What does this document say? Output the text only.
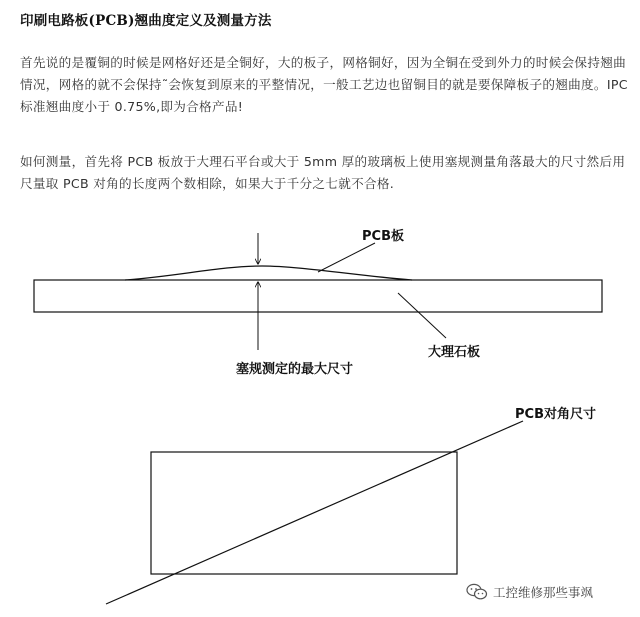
印刷电路板(PCB)翘曲度定义及测量方法
首先说的是覆铜的时候是网格好还是全铜好，大的板子，网格铜好，因为全铜在受到外力的时候会保持翘曲情况，网格的就不会保持˜会恢复到原来的平整情况，一般工艺边也留铜目的就是要保障板子的翘曲度。IPC 标准翘曲度小于 0.75%,即为合格产品!
如何测量，首先将 PCB 板放于大理石平台或大于 5mm 厚的玻璃板上使用塞规测量角落最大的尺寸然后用尺量取 PCB 对角的长度两个数相除，如果大于千分之七就不合格.
PCB板
大理石板
塞规测定的最大尺寸
PCB对角尺寸
工控维修那些事飒
